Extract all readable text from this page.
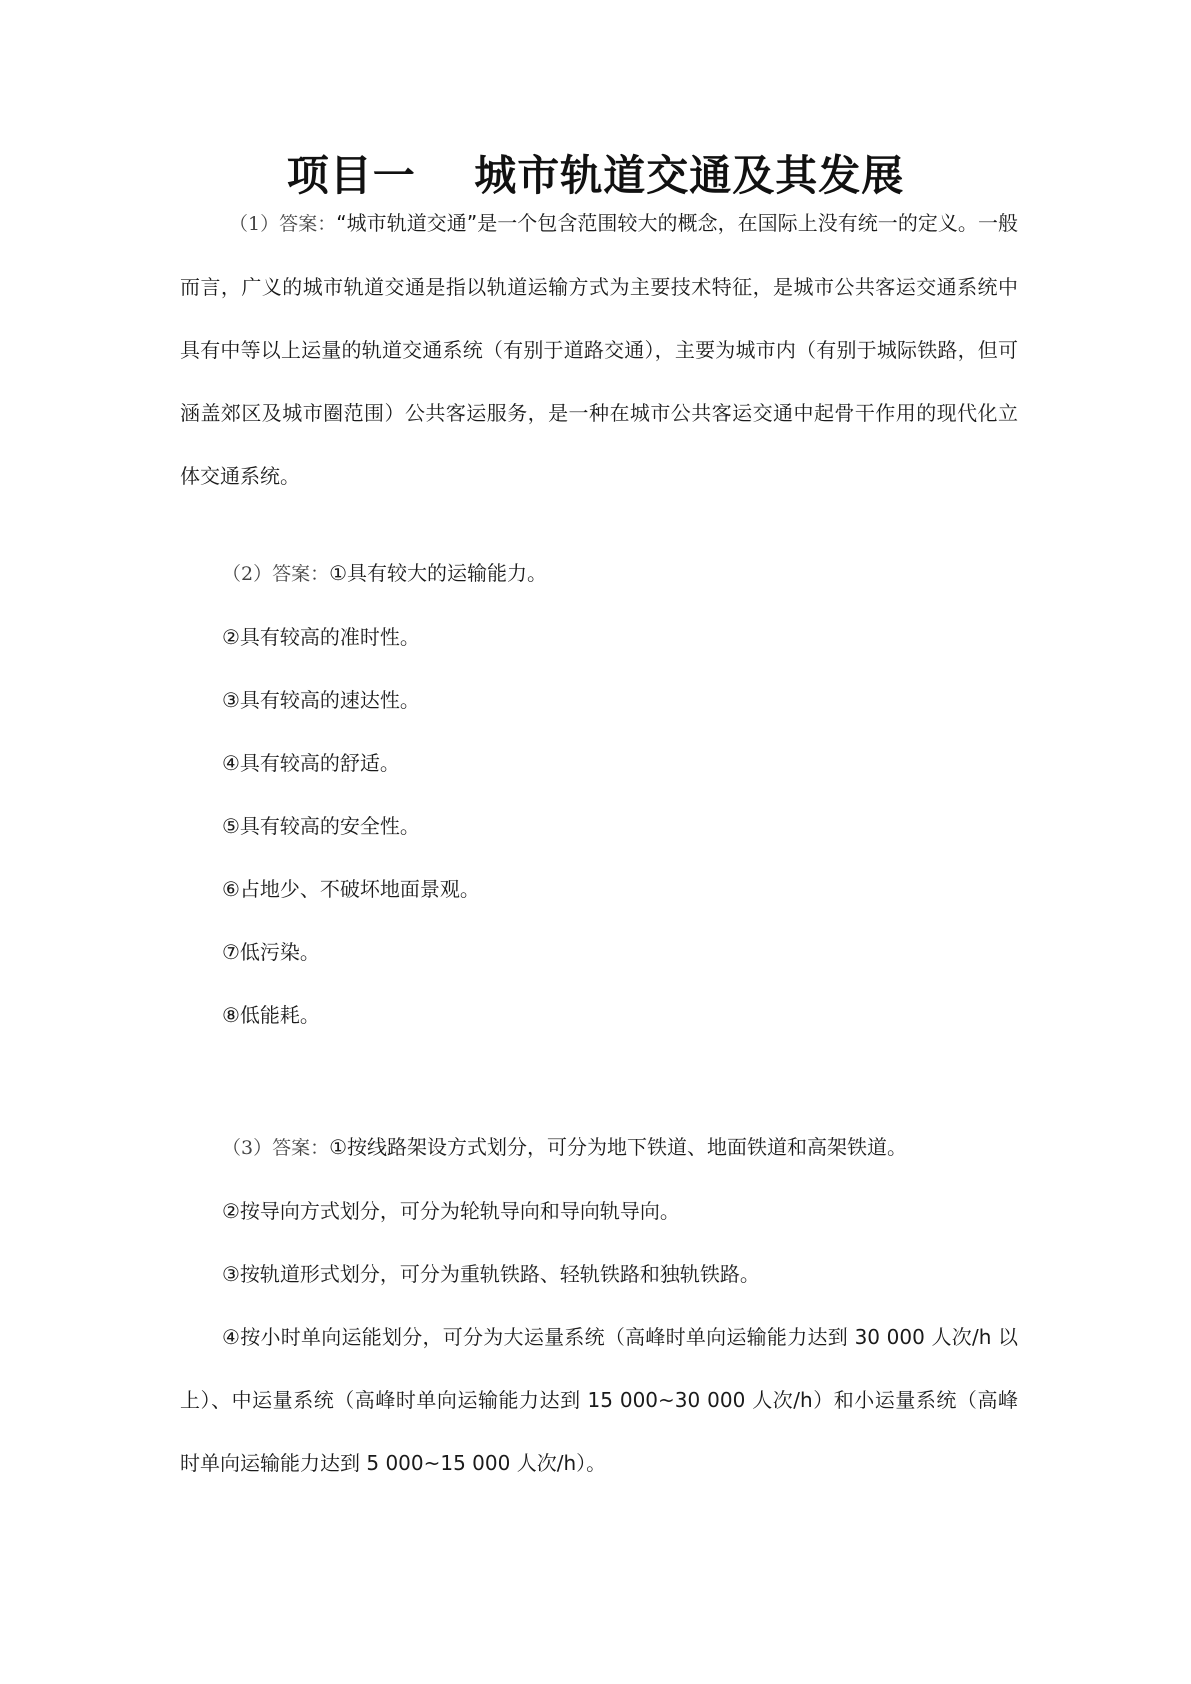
项目一　 城市轨道交通及其发展

（1）答案：“城市轨道交通”是一个包含范围较大的概念，在国际上没有统一的定义。一般而言，广义的城市轨道交通是指以轨道运输方式为主要技术特征，是城市公共客运交通系统中具有中等以上运量的轨道交通系统（有别于道路交通），主要为城市内（有别于城际铁路，但可涵盖郊区及城市圈范围）公共客运服务，是一种在城市公共客运交通中起骨干作用的现代化立体交通系统。

（2）答案：①具有较大的运输能力。

②具有较高的准时性。

③具有较高的速达性。

④具有较高的舒适。

⑤具有较高的安全性。

⑥占地少、不破坏地面景观。

⑦低污染。

⑧低能耗。

（3）答案：①按线路架设方式划分，可分为地下铁道、地面铁道和高架铁道。

②按导向方式划分，可分为轮轨导向和导向轨导向。

③按轨道形式划分，可分为重轨铁路、轻轨铁路和独轨铁路。

④按小时单向运能划分，可分为大运量系统（高峰时单向运输能力达到 30 000 人次/h 以上）、中运量系统（高峰时单向运输能力达到 15 000~30 000 人次/h）和小运量系统（高峰时单向运输能力达到 5 000~15 000 人次/h）。
